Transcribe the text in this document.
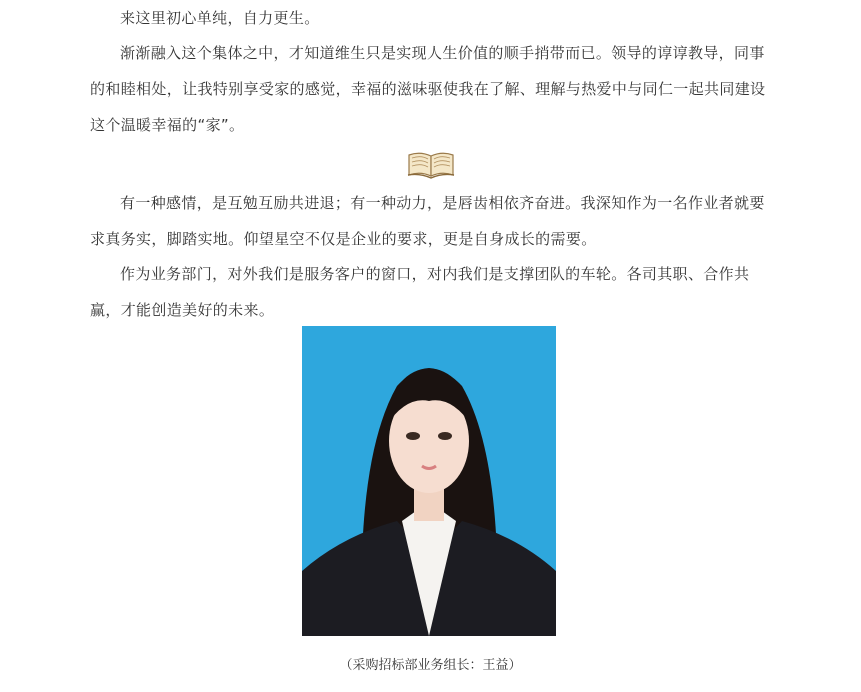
来这里初心单纯，自力更生。

渐渐融入这个集体之中，才知道维生只是实现人生价值的顺手捎带而已。领导的谆谆教导，同事的和睦相处，让我特别享受家的感觉，幸福的滋味驱使我在了解、理解与热爱中与同仁一起共同建设这个温暖幸福的“家”。

有一种感情，是互勉互励共进退；有一种动力，是唇齿相依齐奋进。我深知作为一名作业者就要求真务实，脚踏实地。仰望星空不仅是企业的要求，更是自身成长的需要。

作为业务部门，对外我们是服务客户的窗口，对内我们是支撑团队的车轮。各司其职、合作共赢，才能创造美好的未来。

（采购招标部业务组长：王益）
